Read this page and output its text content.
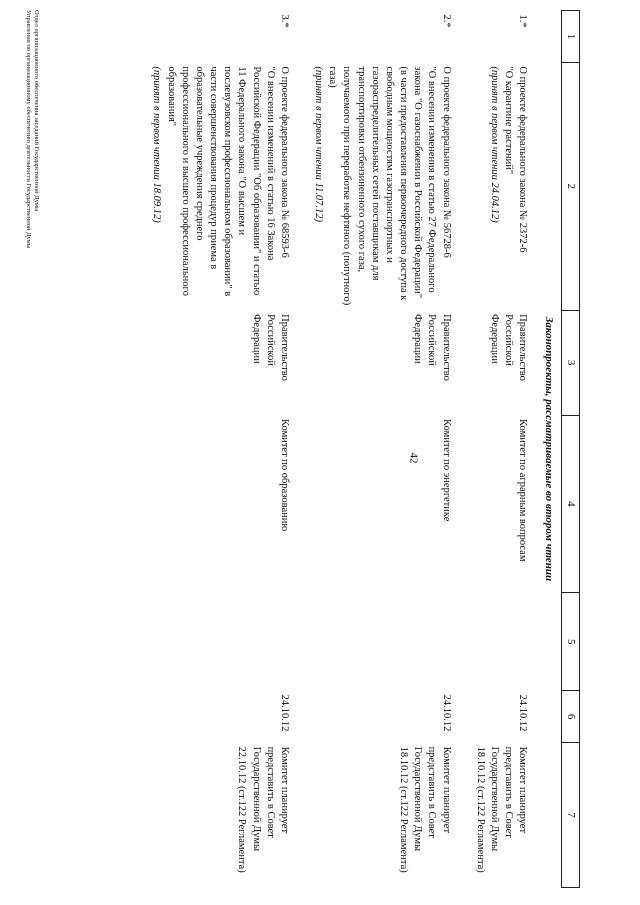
42
1	2	3	4	5	6	7
Законопроекты, рассматриваемые во втором чтении						
1.*	О проекте федерального закона № 2372-6
"О карантине растений"
(принят в первом чтении 24.04.12)	Правительство Российской Федерации	Комитет по аграрным вопросам		24.10.12	Комитет планирует представить в Совет Государственной Думы 18.10.12 (ст.122 Регламента)
2.*	О проекте федерального закона № 56728-6
"О внесении изменения в статью 27 Федерального закона "О газоснабжении в Российской Федерации" (в части предоставления первоочередного доступа к свободным мощностям газотранспортных и газораспределительных сетей поставщикам для транспортировки отбензиненного сухого газа, получаемого при переработке нефтяного (попутного) газа)
(принят в первом чтении 11.07.12)	Правительство Российской Федерации	Комитет по энергетике		24.10.12	Комитет планирует представить в Совет Государственной Думы 18.10.12 (ст.122 Регламента)
3.*	О проекте федерального закона № 68593-6
"О внесении изменений в статью 16 Закона Российской Федерации "Об образовании" и статью 11 Федерального закона "О высшем и послевузовском профессиональном образовании" в части совершенствования процедур приема в образовательные учреждения среднего профессионального и высшего профессионального образования"
(принят в первом чтении 18.09.12)	Правительство Российской Федерации	Комитет по образованию		24.10.12	Комитет планирует представить в Совет Государственной Думы 22.10.12 (ст.122 Регламента)
Отдел организационного обеспечения заседаний Государственной Думы
Управления по организационному обеспечению деятельности Государственной Думы
